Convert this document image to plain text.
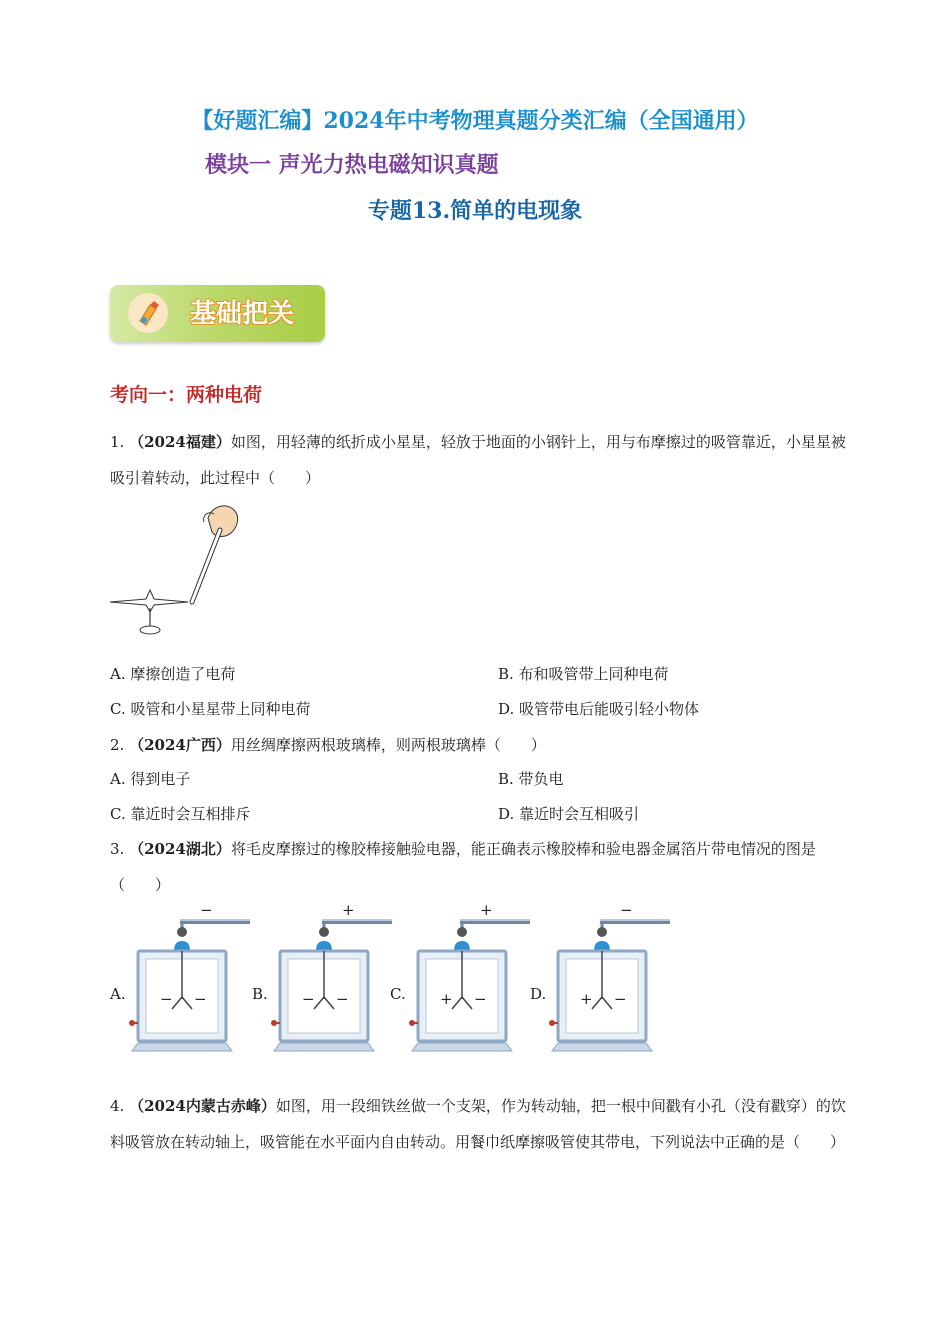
【好题汇编】2024年中考物理真题分类汇编（全国通用）
模块一 声光力热电磁知识真题
专题13.简单的电现象
基础把关
考向一：两种电荷
1. （2024福建）如图，用轻薄的纸折成小星星，轻放于地面的小钢针上，用与布摩擦过的吸管靠近，小星星被吸引着转动，此过程中（　　）
A. 摩擦创造了电荷	B. 布和吸管带上同种电荷
C. 吸管和小星星带上同种电荷	D. 吸管带电后能吸引轻小物体
2. （2024广西）用丝绸摩擦两根玻璃棒，则两根玻璃棒（　　）
A. 得到电子	B. 带负电
C. 靠近时会互相排斥	D. 靠近时会互相吸引
3. （2024湖北）将毛皮摩擦过的橡胶棒接触验电器，能正确表示橡胶棒和验电器金属箔片带电情况的图是（　　）
A.
−
− −	B.
+
− −	C.
+
+ −	D.
−
+ −
4. （2024内蒙古赤峰）如图，用一段细铁丝做一个支架，作为转动轴，把一根中间戳有小孔（没有戳穿）的饮料吸管放在转动轴上，吸管能在水平面内自由转动。用餐巾纸摩擦吸管使其带电，下列说法中正确的是（　　）
